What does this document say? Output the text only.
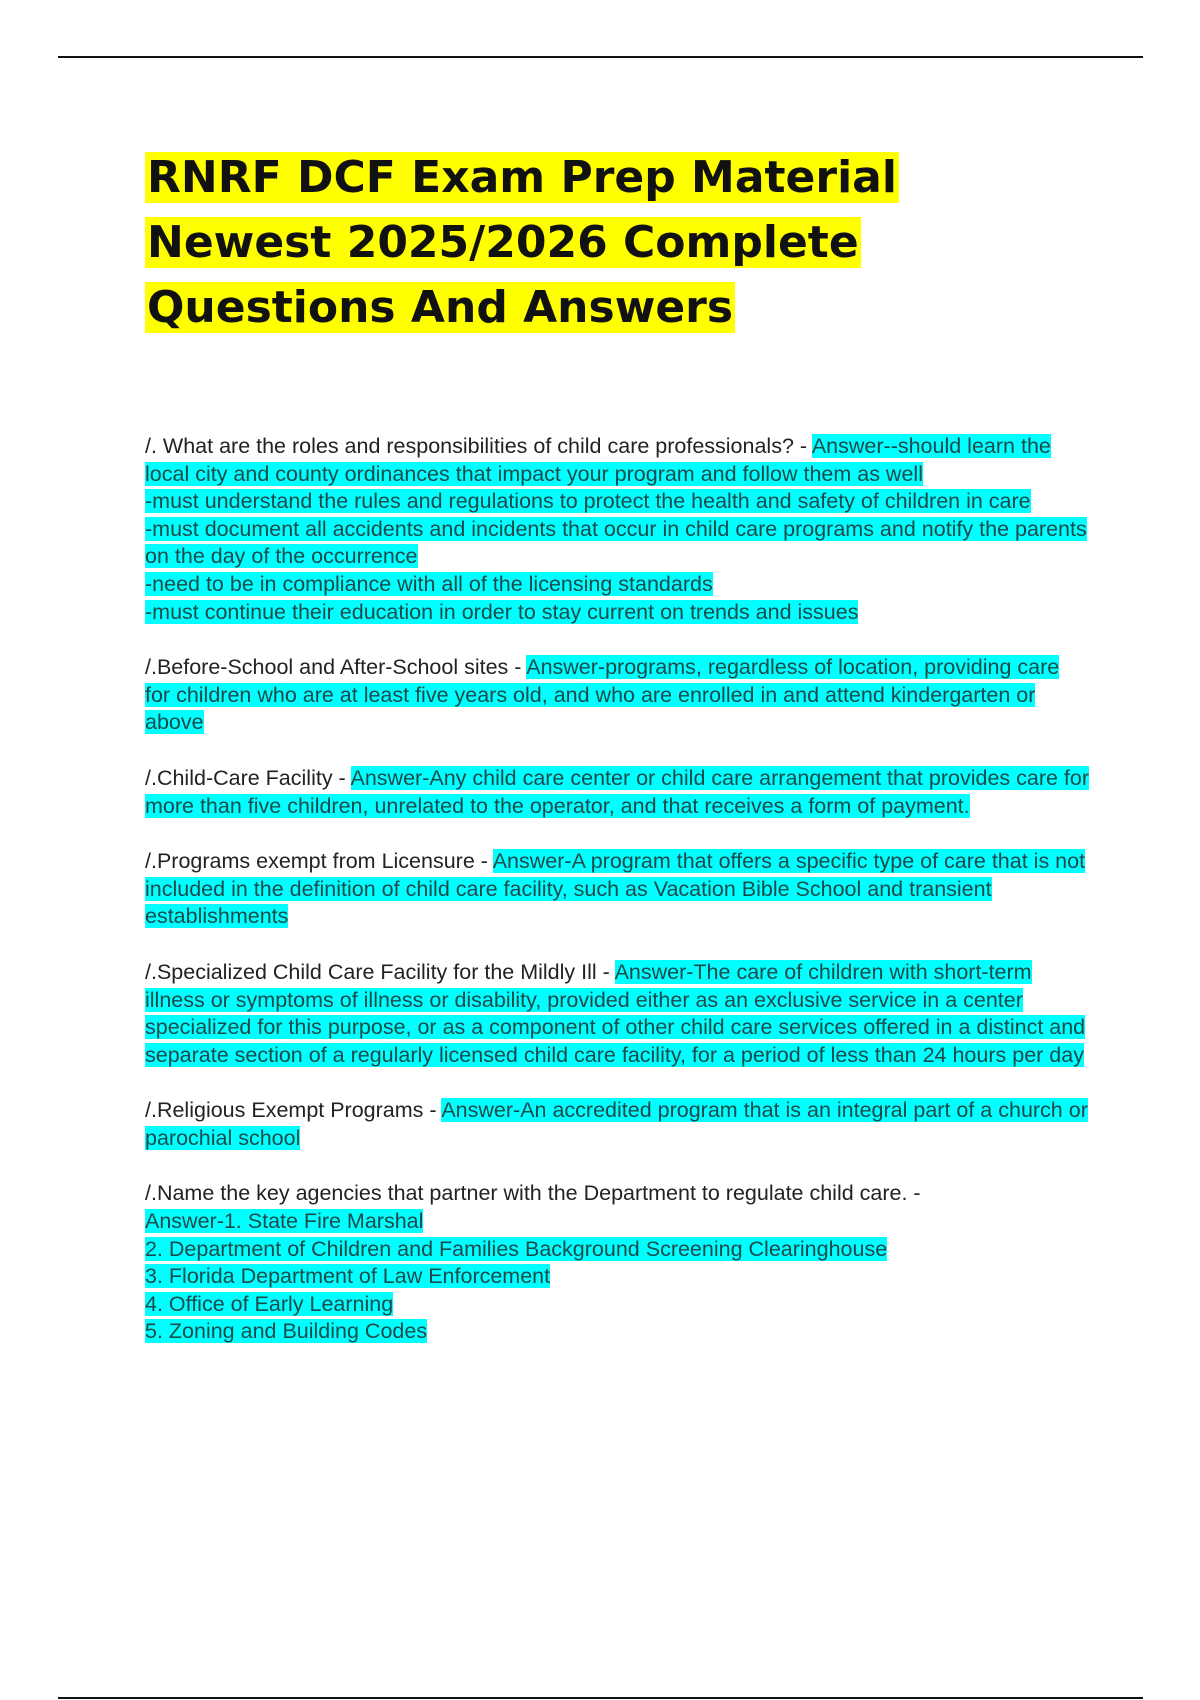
RNRF DCF Exam Prep Material Newest 2025/2026 Complete Questions And Answers

/. What are the roles and responsibilities of child care professionals? - Answer--should learn the local city and county ordinances that impact your program and follow them as well
-must understand the rules and regulations to protect the health and safety of children in care
-must document all accidents and incidents that occur in child care programs and notify the parents on the day of the occurrence
-need to be in compliance with all of the licensing standards
-must continue their education in order to stay current on trends and issues

/.Before-School and After-School sites - Answer-programs, regardless of location, providing care for children who are at least five years old, and who are enrolled in and attend kindergarten or above

/.Child-Care Facility - Answer-Any child care center or child care arrangement that provides care for more than five children, unrelated to the operator, and that receives a form of payment.

/.Programs exempt from Licensure - Answer-A program that offers a specific type of care that is not included in the definition of child care facility, such as Vacation Bible School and transient establishments

/.Specialized Child Care Facility for the Mildly Ill - Answer-The care of children with short-term illness or symptoms of illness or disability, provided either as an exclusive service in a center specialized for this purpose, or as a component of other child care services offered in a distinct and separate section of a regularly licensed child care facility, for a period of less than 24 hours per day

/.Religious Exempt Programs - Answer-An accredited program that is an integral part of a church or parochial school

/.Name the key agencies that partner with the Department to regulate child care. -
Answer-1. State Fire Marshal
2. Department of Children and Families Background Screening Clearinghouse
3. Florida Department of Law Enforcement
4. Office of Early Learning
5. Zoning and Building Codes
